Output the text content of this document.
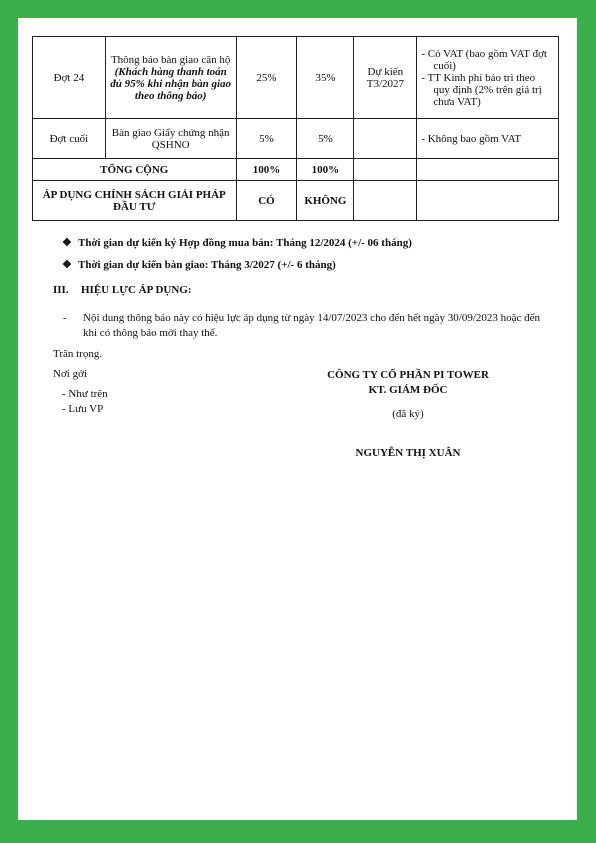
Đợt 24	Thông báo bàn giao căn hộ (Khách hàng thanh toán đủ 95% khi nhận bàn giao theo thông báo)	25%	35%	Dự kiến T3/2027	- Có VAT (bao gồm VAT đợt cuối)
- TT Kinh phí bảo trì theo quy định (2% trên giá trị chưa VAT)

Đợt cuối	Bàn giao Giấy chứng nhận QSHNO	5%	5%		- Không bao gồm VAT
TỔNG CỘNG		100%	100%		
ÁP DỤNG CHÍNH SÁCH GIẢI PHÁP ĐẦU TƯ		CÓ	KHÔNG		
❖ Thời gian dự kiến ký Hợp đồng mua bán: Tháng 12/2024 (+/- 06 tháng)
❖ Thời gian dự kiến bàn giao: Tháng 3/2027 (+/- 6 tháng)
III. HIỆU LỰC ÁP DỤNG:
-	Nội dung thông báo này có hiệu lực áp dụng từ ngày 14/07/2023 cho đến hết ngày 30/09/2023 hoặc đến khi có thông báo mới thay thế.
Trân trọng.
Nơi gởi
- Như trên
- Lưu VP
CÔNG TY CỔ PHẦN PI TOWER
KT. GIÁM ĐỐC
(đã ký)
NGUYỄN THỊ XUÂN
